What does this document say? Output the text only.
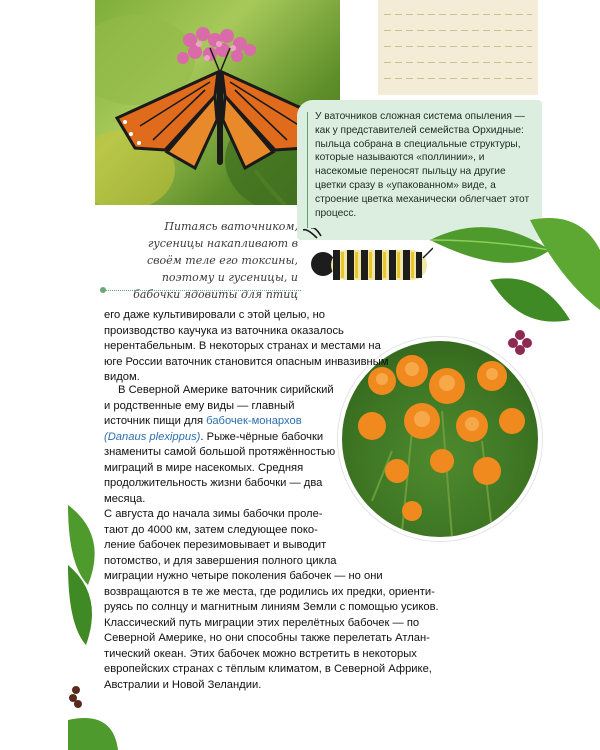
У ваточников сложная система опыления — как у представителей семейства Орхидные: пыльца собрана в специальные структуры, которые называются «поллинии», и насекомые переносят пыльцу на другие цветки сразу в «упакованном» виде, а строение цветка механически облегчает этот процесс.

Питаясь ваточником, гусеницы накапливают в своём теле его токсины, поэтому и гусеницы, и бабочки ядовиты для птиц

его даже культивировали с этой целью, но производство каучука из ваточника оказалось нерентабельным. В некоторых странах и местами на юге России ваточник становится опасным инвазивным видом.

В Северной Америке ваточник сирийский и родственные ему виды — главный источник пищи для бабочек-монархов (Danaus plexippus). Рыже-чёрные бабочки знамениты самой большой протяжённостью миграций в мире насекомых. Средняя продолжительность жизни бабочки — два месяца.

С августа до начала зимы бабочки проле-
тают до 4000 км, затем следующее поко-
ление бабочек перезимовывает и выводит
потомство, и для завершения полного цикла
миграции нужно четыре поколения бабочек — но они
возвращаются в те же места, где родились их предки, ориенти-
руясь по солнцу и магнитным линиям Земли с помощью усиков.
Классический путь миграции этих перелётных бабочек — по
Северной Америке, но они способны также перелетать Атлан-
тический океан. Этих бабочек можно встретить в некоторых
европейских странах с тёплым климатом, в Северной Африке,
Австралии и Новой Зеландии.
